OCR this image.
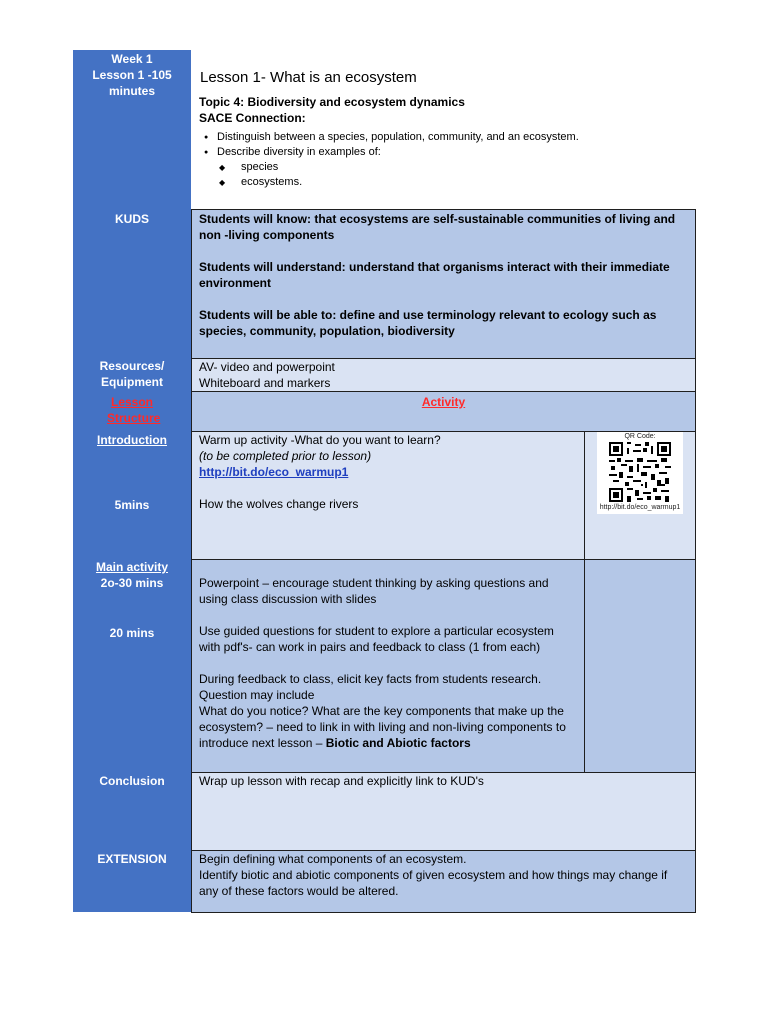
Week 1
Lesson 1 -105 minutes
KUDS
Resources/ Equipment
Lesson Structure
Introduction
5mins
Main activity
2o-30 mins
20 mins
Conclusion
EXTENSION
Lesson 1- What is an ecosystem
Topic 4: Biodiversity and ecosystem dynamics
SACE Connection:
● Distinguish between a species, population, community, and an ecosystem.
● Describe diversity in examples of:
◆ species
◆ ecosystems.

Students will know: that ecosystems are self-sustainable communities of living and non -living components

Students will understand: understand that organisms interact with their immediate environment

Students will be able to: define and use terminology relevant to ecology such as species, community, population, biodiversity

AV- video and powerpoint

Whiteboard and markers

Activity

Warm up activity -What do you want to learn?

(to be completed prior to lesson)

http://bit.do/eco_warmup1

How the wolves change rivers

QR Code:
http://bit.do/eco_warmup1

Powerpoint – encourage student thinking by asking questions and using class discussion with slides

Use guided questions for student to explore a particular ecosystem with pdf's- can work in pairs and feedback to class (1 from each)

During feedback to class, elicit key facts from students research. Question may include

What do you notice? What are the key components that make up the ecosystem? – need to link in with living and non-living components to introduce next lesson – Biotic and Abiotic factors

Wrap up lesson with recap and explicitly link to KUD's

Begin defining what components of an ecosystem.

Identify biotic and abiotic components of given ecosystem and how things may change if any of these factors would be altered.
